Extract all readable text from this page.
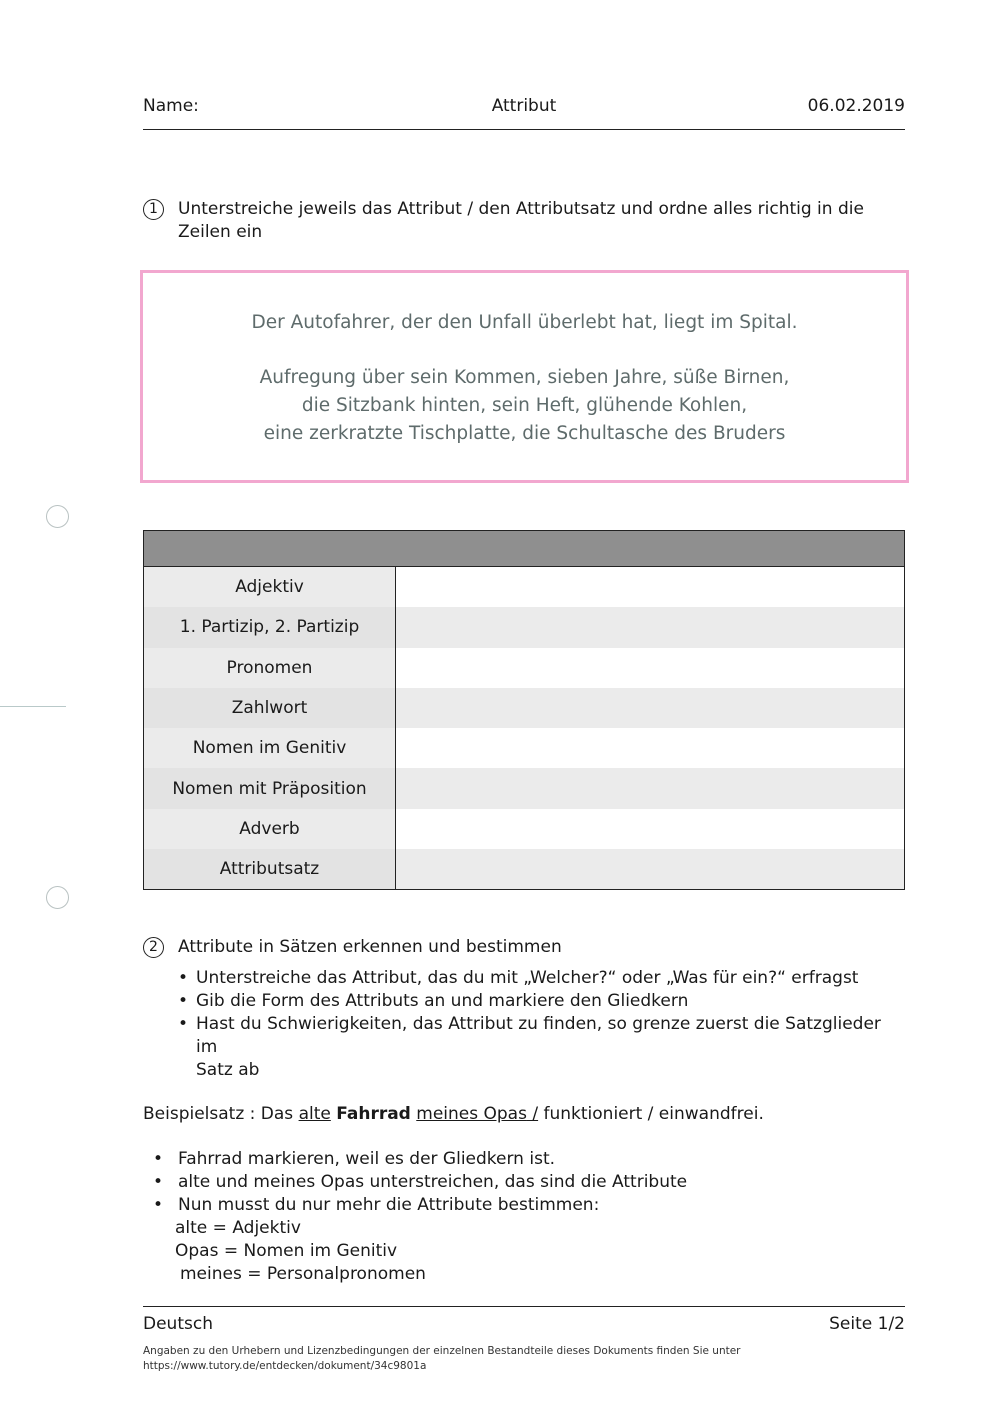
Name:	Attribut	06.02.2019
1	Unterstreiche jeweils das Attribut / den Attributsatz und ordne alles richtig in die
Zeilen ein
Der Autofahrer, der den Unfall überlebt hat, liegt im Spital.
Aufregung über sein Kommen, sieben Jahre, süße Birnen,
die Sitzbank hinten, sein Heft, glühende Kohlen,
eine zerkratzte Tischplatte, die Schultasche des Bruders
Adjektiv
1. Partizip, 2. Partizip
Pronomen
Zahlwort
Nomen im Genitiv
Nomen mit Präposition
Adverb
Attributsatz
2	Attribute in Sätzen erkennen und bestimmen
• Unterstreiche das Attribut, das du mit „Welcher?“ oder „Was für ein?“ erfragst
• Gib die Form des Attributs an und markiere den Gliedkern
• Hast du Schwierigkeiten, das Attribut zu finden, so grenze zuerst die Satzglieder im
Satz ab
Beispielsatz : Das alte Fahrrad meines Opas / funktioniert / einwandfrei.
• Fahrrad markieren, weil es der Gliedkern ist.
• alte und meines Opas unterstreichen, das sind die Attribute
• Nun musst du nur mehr die Attribute bestimmen:
alte = Adjektiv
Opas = Nomen im Genitiv
meines = Personalpronomen
Deutsch	Seite 1/2
Angaben zu den Urhebern und Lizenzbedingungen der einzelnen Bestandteile dieses Dokuments finden Sie unter
https://www.tutory.de/entdecken/dokument/34c9801a
